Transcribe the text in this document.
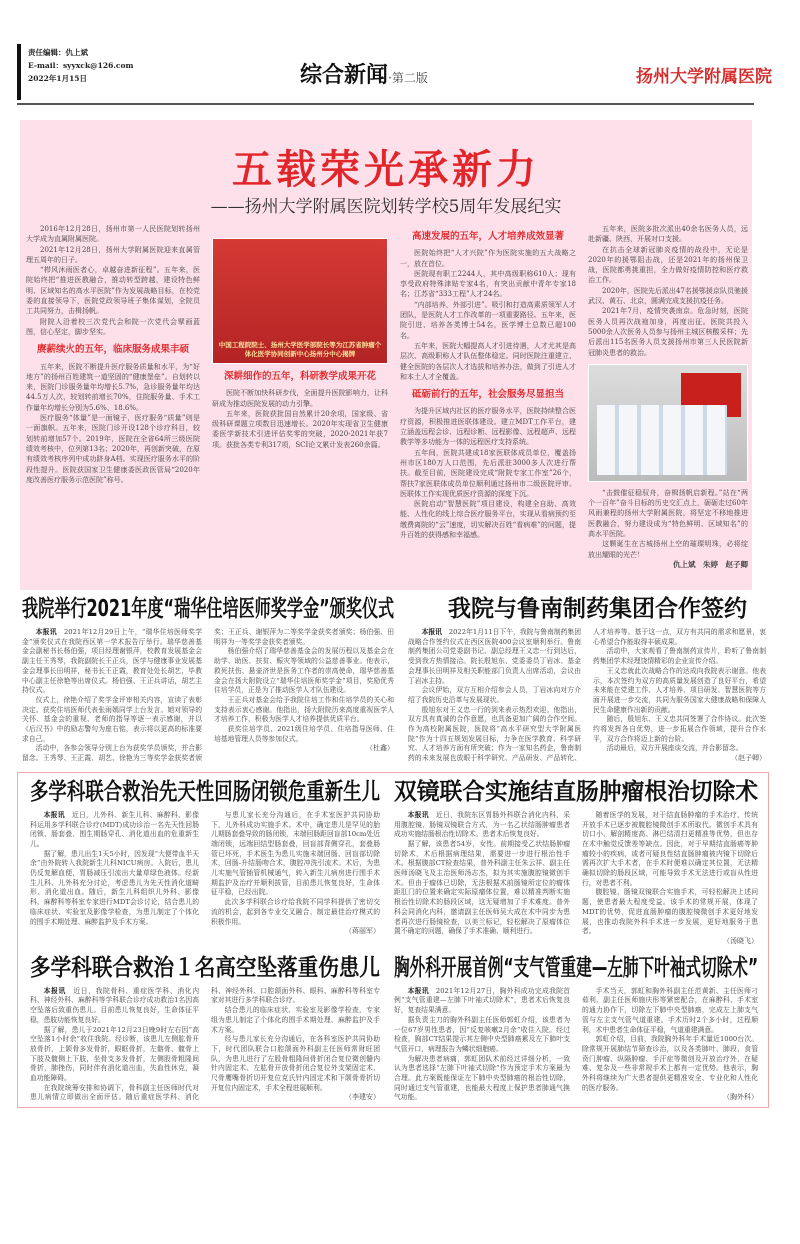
责任编辑：仇上斌
E-mail：syyxck@126.com
2022年1月15日	综合新闻·第二版	扬州大学附属医院
五载荣光承新力
——扬州大学附属医院划转学校5周年发展纪实

2016年12月28日，扬州市第一人民医院划转扬州大学成为直属附属医院。

2021年12月28日，扬州大学附属医院迎来直属管理五周年的日子。

“栉风沐雨医者心，卓越奋进新征程”。五年来，医院始终把“推进医教融合，推动转型跨越，建设特色鲜明、区域知名的高水平医院”作为发展战略目标，在校党委的直接领导下，医院党政领导班子集体谋划，全院员工共同努力，击楫扬帆。

附院人沿着校三次党代会和院一次党代会擘画蓝图，信心坚定，脚步坚实。

赓薪续火的五年，临床服务成果丰硕

五年来，医院不断提升医疗服务质量和水平，为“好地方”的扬州百姓建筑一道坚固的“健康堡垒”。自划转以来，医院门诊服务量年均增长5.7%，急诊服务量年均达44.5万人次，较划转前增长70%，住院服务量、手术工作量年均增长分别为5.6%、18.6%。

医疗服务“体量”是一面镜子，医疗服务“质量”则是一面旗帜。五年来，医院门诊开设128个诊疗科目，较划转前增加57个。2019年，医院在全省64所三级医院绩效考核中，位列第13名；2020年，再创新突破，在原有绩效考核序列中成功跻身A档。实现医疗服务水平的阶段性提升。医院获国家卫生健康委医政医管局“2020年度改善医疗服务示范医院”称号。

中国工程院院士、扬州大学医学部院长等为江苏省肿瘤个体化医学协同创新中心扬州分中心揭牌
深耕细作的五年，科研教学成果开花

医院不断加快科研步伐，全面提升医院影响力，让科研成为推动医院发展的动力引擎。

五年来，医院获批国自然累计20余项，国家级、省级科研课题立项数目迅速增长。2020年实现省卫生健康委医学新技术引进评估奖零的突破，2020-2021年获7项。获批各类专利317项，SCI论文累计发表260余篇。

高速发展的五年，人才培养成效显著

医院始终把“人才兴院”作为医院实施的五大战略之一，放在首位。

医院现有职工2244人，其中高级职称610人；现有享受政府特殊津贴专家4名，有突出贡献中青年专家18名；江苏省“333工程”人才24名。

“内部培养，外部引进”。吸引和打造高素质领军人才团队，是医院人才工作改革的一项重要路径。五年来，医院引进、培养各类博士54名，医学博士总数已超100名。

五年来，医院大幅提高人才引进待遇，人才尤其是高层次、高级职称人才队伍整体稳定。同时医院注重建立、健全医院的各层次人才选拔和培养办法，做到了引进人才和本土人才全覆盖。

砥砺前行的五年，社会服务尽显担当

为提升区域内社区的医疗服务水平，医院持续整合医疗资源，积极推进医联体建设。建立MDT工作平台，建立涵盖远程会诊、远程诊断、远程影像、远程超声、远程教学等多功能为一体的远程医疗支持系统。

五年间，医院共建成18家医联体成员单位，覆盖扬州市区180万人口范围，先后派驻3000多人次进行帮扶。截至目前，医院建设完成“附院专家工作室”26个，帮扶7家医联体成员单位顺利通过扬州市二级医院评审。医联体工作实现优质医疗资源的深度下沉。

医院启动“智慧医院”项目建设，构建全自助、高效能、人性化的线上综合医疗服务平台，实现从看病预约至缴费离院的“云”速度，切实解决百姓“看病难”的问题，提升百姓的获得感和幸福感。

五年来，医院多批次派出40余名医务人员，远赴新疆、陕西，开展对口支援。

在抗击全球新冠肺炎疫情的战役中，无论是2020年的援鄂阻击战，还是2021年的扬州保卫战，医院都勇挑重担，全力做好疫情防控和医疗救治工作。

2020年，医院先后派出47名援鄂援京队员驰援武汉、黄石、北京，圆满完成支援抗疫任务。

2021年7月，疫情突袭南京。危急时刻，医院医务人员再次战袍加身，再度出征。医院共投入5000余人次医务人员参与扬州主城区核酸采样；先后派出115名医务人员支援扬州市第三人民医院新冠肺炎患者的救治。

“击鼓催征稳驭舟，奋楫扬帆启新程。”站在“两个一百年”奋斗目标的历史交汇点上，砺砺走过60年风雨兼程的扬州大学附属医院，将坚定不移地推进医教融合，努力建设成为“特色鲜明、区域知名”的高水平医院。

这颗诞生在古城扬州上空的璀璨明珠，必将绽放出耀眼的光芒！

仇上斌　朱婷　赵子卿
我院举行2021年度“瑞华住培医师奖学金”颁奖仪式

本报讯　 2021年12月29日上午，“瑞华住培医师奖学金”颁奖仪式在我院西区第一学术报告厅举行。瑞华慈善基金会副秘书长杨伯强，项目经理谢银萍，校教育发展基金会副主任王秀琴，我院副院长王正兵，医学与健康事业发展基金会理事长田明祥，秘书长王正霞，教育处处长胡艺，毕教中心副主任徐艳等出席仪式。杨伯强、王正兵讲话，胡艺主持仪式。

仪式上，徐艳介绍了奖学金评审相关内容，宣读了表彰决定。获奖住培医师代表张雨嫣同学上台发言。她对领导的关怀、基金会的重视、老师的指导等逐一表示感谢，并以《后汉书》中的励志警句为座右铭，表示将以更高的标准要求自己。

活动中，各参会领导分别上台为获奖学员颁奖，并合影留念。王秀琴、王正霞、胡艺、徐艳为三等奖学金获奖者颁奖；王正兵、谢银萍为二等奖学金获奖者颁奖；杨伯强、田明祥为一等奖学金获奖者颁奖。

杨伯强介绍了瑞华慈善基金会的发展历程以及基金会在助学、助医、扶贫、赈灾等领域的公益慈善事业。他表示，救死扶伤、悬壶济世是医务工作者的崇高使命，瑞华慈善基金会在扬大附院设立“瑞华住培医师奖学金”项目，奖励优秀住培学员，正是为了推动医学人才队伍建设。

王正兵对基金会给予我院住培工作和住培学员的关心和支持表示衷心感谢。他指出，扬大附院历来高度重视医学人才培养工作，积极为医学人才培养提供优质平台。

获奖住培学员、2021级住培学员、住培指导医师、住培基地管理人员等参加仪式。

（杜鑫）
我院与鲁南制药集团合作签约

本报讯　 2022年1月11日下午，我院与鲁南制药集团战略合作签约仪式在西区医院400会议室顺利举行。鲁南制药集团公司党委副书记、副总经理王义忠一行到达后，受到我方热情接洽。院长殷旭东、党委委员丁岩冰、基金会理事长田明祥及相关职能部门负责人出席活动，会议由丁岩冰主持。

会议伊始，双方互相介绍参会人员，丁岩冰向对方介绍了我院历史沿革与发展现状。

殷旭东对王义忠一行的到来表示热烈欢迎。他指出，双方具有真诚的合作意愿，也具备更加广阔的合作空间。作为高校附属医院，医院将“高水平研究型大学附属医院”作为十四五规划发展目标，力争在医学教育、科学研究、人才培养方面有所突破；作为一家知名药企，鲁南制药的未来发展也放眼于科学研究、产品研发、产品转化、人才培养等。基于这一点，双方有共同的需求和愿景，衷心希望合作能取得丰硕成果。

活动中，大家观看了鲁南制药宣传片，聆听了鲁南制药集团学术经理饶情精彩的企业宣传介绍。

王义忠就此次战略合作的达成向我院表示谢意。他表示，本次签约为双方的高质量发展创造了良好平台，希望未来能在党建工作、人才培养、项目研发、智慧医院等方面开展进一步交流，共同为服务国家大健康战略和保障人民生命健康作出新的贡献。

随后，殷旭东、王义忠共同签署了合作协议。此次签约将发挥各自优势，进一步拓展合作领域，提升合作水平，双方合作将迈上新的台阶。

活动最后，双方开展座谈交流，并合影留念。

（赵子卿）
多学科联合救治先天性回肠闭锁危重新生儿

本报讯　 近日，儿外科、新生儿科、麻醉科、影像科运用多学科联合诊疗(MDT)成功诊治一名先天性回肠闭锁、肠套叠、围生期肠穿孔、消化道出血的危重新生儿。

据了解，患儿出生1天5小时，因发现“大便带血半天余”由外院转入我院新生儿科NICU病房。入院后，患儿仍反复解血便，胃肠减压引流出大量草绿色液体。经新生儿科、儿外科充分讨论，考虑患儿为先天性消化道畸形、消化道出血。随后，新生儿科组织儿外科、影像科、麻醉科等科室专家进行MDT会诊讨论，结合患儿的临床症状、实验室及影像学检查，为患儿制定了个体化的围手术期处理、麻醉监护及手术方案。

与患儿家长充分沟通后，在手术室医护共同协助下，儿外科成功实施手术。术中，确定患儿是罕见的胎儿期肠套叠导致的肠闭锁，末端回肠距回盲部10cm处近端闭锁，远端回结型肠套叠，回盲部背侧穿孔，套叠肠管已坏死，手术医生为患儿实施末端回肠、回盲部切除术，回肠-升结肠吻合术，腹腔冲洗引流术。术后，为患儿实施气管插管机械通气，转入新生儿病房进行围手术期监护及治疗并顺利拔管，目前患儿恢复良好，生命体征平稳，已经出院。

此次多学科联合诊疗给我院不同学科提供了密切交流的机会，起到各专业交叉融合、制定最佳治疗模式的积极作用。

（蒋丽军）
双镜联合实施结直肠肿瘤根治切除术

本报讯　 近日，我院东区胃肠外科联合消化内科，采用腹腔镜、肠镜双镜联合方式，为一名乙状结肠肿瘤患者成功实施结肠根治性切除术。患者术后恢复良好。

据了解，该患者54岁，女性。前期接受乙状结肠肿瘤切除术，术后根据病理结果，需要进一步进行根治性手术。根据腹部CT检查结果，普外科副主任朱云祥、副主任医师汤晓飞及主治医师汤志杰，拟为其实施腹腔镜微创手术。但由于瘤体已切除，无法根据术前肠镜所定位的瘤体距肛门的位置来确定实际原瘤体位置，难以精准判断实施根治性切除术的肠段区域，这无疑增加了手术难度。普外科会同消化内科，邀请副主任医师吴大成在术中同步为患者再次进行肠镜检查，以美兰标记，轻松解决了原瘤体位置不确定的问题，确保了手术准确、顺利进行。

随着医学的发展，对于结直肠肿瘤的手术治疗，传统开放手术已逐步被腹腔镜微创手术所取代。微创手术具有切口小、解剖精度高、淋巴结清扫更精准等优势，但也存在术中触觉反馈差等缺点。因此，对于早期结直肠癌等肿瘤较小的疾病，或者可疑良性结直肠肿瘤被内镜下切除后需再次扩大手术者，在手术时便难以确定其位置，无法精确拟切除的肠段区域，可能导致手术无法进行或盲从性进行，对患者不利。

腹腔镜、肠镜双镜联合实施手术，可轻松解决上述问题，使患者最大程度受益。该手术的常规开展，体现了MDT的优势，促进直肠肿瘤的腹腔镜微创手术更好地发展，也推动我院外科手术进一步发展，更好地服务于患者。

（汤晓飞）
多学科联合救治１名高空坠落重伤患儿

本报讯　 近日，我院骨科、重症医学科、消化内科、神经外科、麻醉科等学科联合诊疗成功救治1名因高空坠落后致重伤患儿。目前患儿恢复良好，生命体征平稳，患肢功能恢复良好。

据了解，患儿于2021年12月23日晚9时左右因“高空坠落1小时余”收住我院。经诊断，该患儿左侧肱骨开放骨折，上颌骨多发骨折，眼眶骨折，左髂骨、髋骨上下肢及髋侧上下肢，坐骨支多发骨折，左侧股骨粗隆间骨折，肺挫伤，同时伴有消化道出血，失血性休克，凝血功能障碍。

在我院统筹安排和协调下，骨科副主任医师时代对患儿病情立即做出全面评估。随后重症医学科、消化科、神经外科、口腔颌面外科、眼科、麻醉科等科室专家对其进行多学科联合诊疗。

结合患儿的临床症状、实验室及影像学检查，专家组为患儿制定了个体化的围手术期处理、麻醉监护及手术方案。

经与患儿家长充分沟通后，在各科室医护共同协助下，时代团队联合口腔颌面外科副主任医师常财旺团队，为患儿进行了左股骨粗隆间骨折闭合复位微创髓内针内固定术、左肱骨开放骨折闭合复位外支架固定术、尺骨鹰嘴骨折切开复位克氏针内固定术和下颌骨骨折切开复位内固定术，手术全程进展顺利。

（李建安）
胸外科开展首例“支气管重建—左肺下叶袖式切除术”

本报讯　 2021年12月27日，胸外科成功完成我院首例“支气管重建—左肺下叶袖式切除术”，患者术后恢复良好，复查结果满意。

据负责主刀的胸外科副主任医师郭虹介绍，该患者为一位67岁男性患者，因“反复咳嗽2月余”收住入院。经过检查，胸部CT结果提示其左侧中央型肺癌累及左下肺叶支气管开口，病理报告为鳞状细胞癌。

为解决患者病痛，郭虹团队术前经过详细分析，一致认为患者选择“左肺下叶袖式切除”作为预定手术方案最为合理。此方案既能保证左下肺中央型肺癌的根治性切除，同时通过支气管重建，也能最大程度上保护患者肺通气换气功能。

手术当天，郭虹和胸外科副主任范黄新、主任医师刁茹利、副主任医师施庆彤等紧密配合，在麻醉科、手术室的通力协作下，切除左下肺中央型肺癌，完成左上肺支气管与左主支气管气道重建。手术历时2个多小时，过程顺利，术中患者生命体征平稳，气道重建满意。

郭虹介绍，目前，我院胸外科年手术量近1000台次。除常规开展肺结节筛查诊治，以及各类肺叶、肺段、食管贲门肿瘤、纵隔肿瘤、手汗症等微创及开放治疗外，在疑难、复杂及一些非常规手术上都有一定优势。他表示，胸外科将继续为广大患者提供更精准安全、专业化和人性化的医疗服务。

（胸外科）
